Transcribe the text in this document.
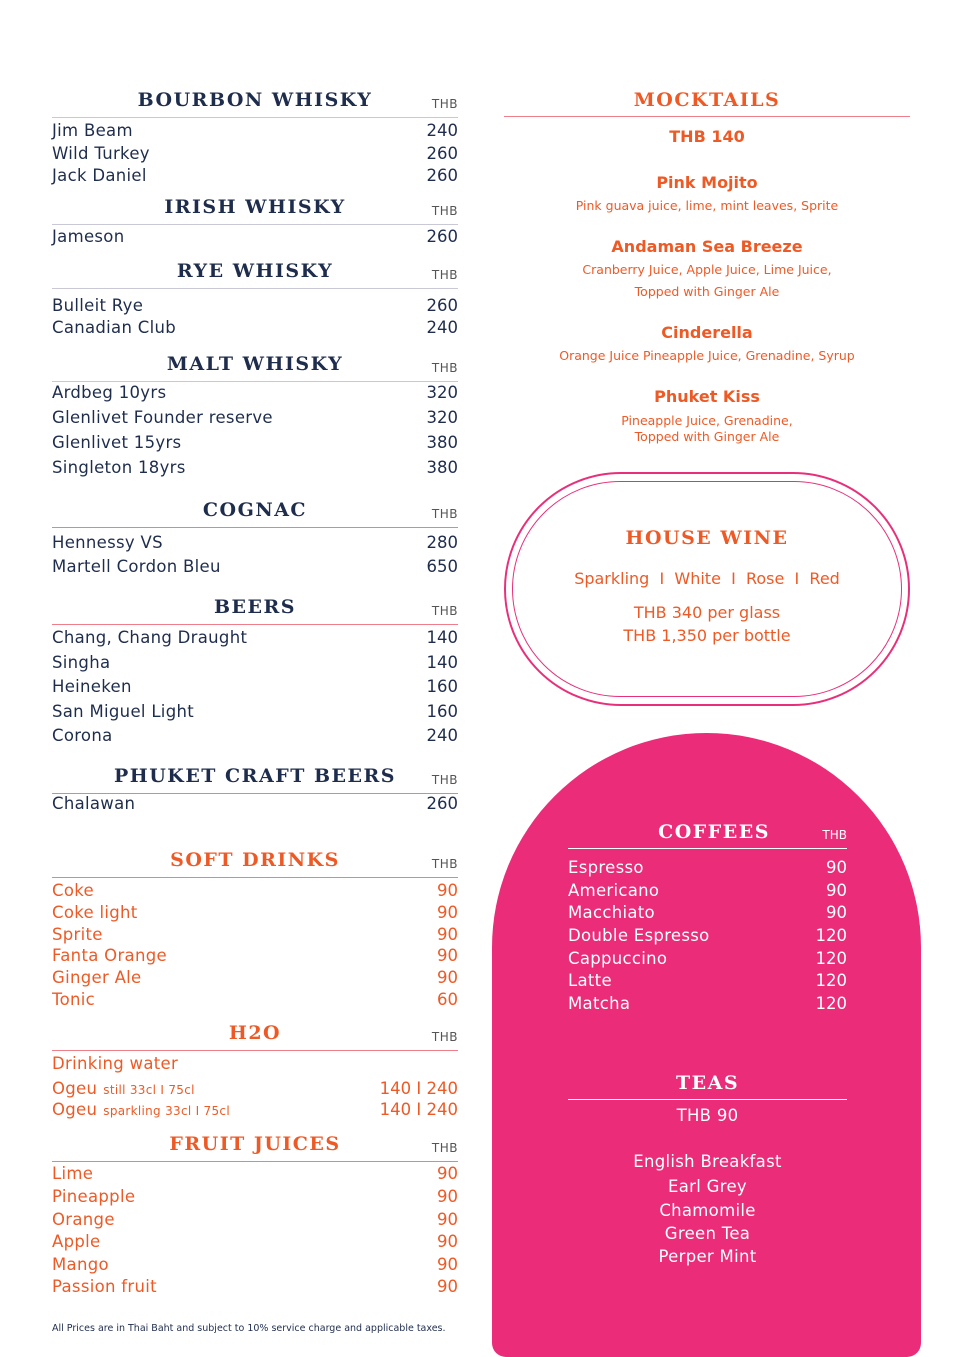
BOURBON WHISKY	THB
Jim Beam	240
Wild Turkey	260
Jack Daniel	260
IRISH WHISKY	THB
Jameson	260
RYE WHISKY	THB
Bulleit Rye	260
Canadian Club	240
MALT WHISKY	THB
Ardbeg 10yrs	320
Glenlivet Founder reserve	320
Glenlivet 15yrs	380
Singleton 18yrs	380
COGNAC	THB
Hennessy VS	280
Martell Cordon Bleu	650
BEERS	THB
Chang, Chang Draught	140
Singha	140
Heineken	160
San Miguel Light	160
Corona	240
PHUKET CRAFT BEERS	THB
Chalawan	260
SOFT DRINKS	THB
Coke	90
Coke light	90
Sprite	90
Fanta Orange	90
Ginger Ale	90
Tonic	60
H2O	THB
Drinking water
Ogeu still 33cl I 75cl	140 I 240
Ogeu sparkling 33cl I 75cl	140 I 240
FRUIT JUICES	THB
Lime	90
Pineapple	90
Orange	90
Apple	90
Mango	90
Passion fruit	90
All Prices are in Thai Baht and subject to 10% service charge and applicable taxes.
MOCKTAILS
THB 140
Pink Mojito
Pink guava juice, lime, mint leaves, Sprite
Andaman Sea Breeze
Cranberry Juice, Apple Juice, Lime Juice,
Topped with Ginger Ale
Cinderella
Orange Juice Pineapple Juice, Grenadine, Syrup
Phuket Kiss
Pineapple Juice, Grenadine,
Topped with Ginger Ale
HOUSE WINE
Sparkling  I  White  I  Rose  I  Red
THB 340 per glass
THB 1,350 per bottle
COFFEES	THB
Espresso	90
Americano	90
Macchiato	90
Double Espresso	120
Cappuccino	120
Latte	120
Matcha	120
TEAS
THB 90
English Breakfast
Earl Grey
Chamomile
Green Tea
Perper Mint
